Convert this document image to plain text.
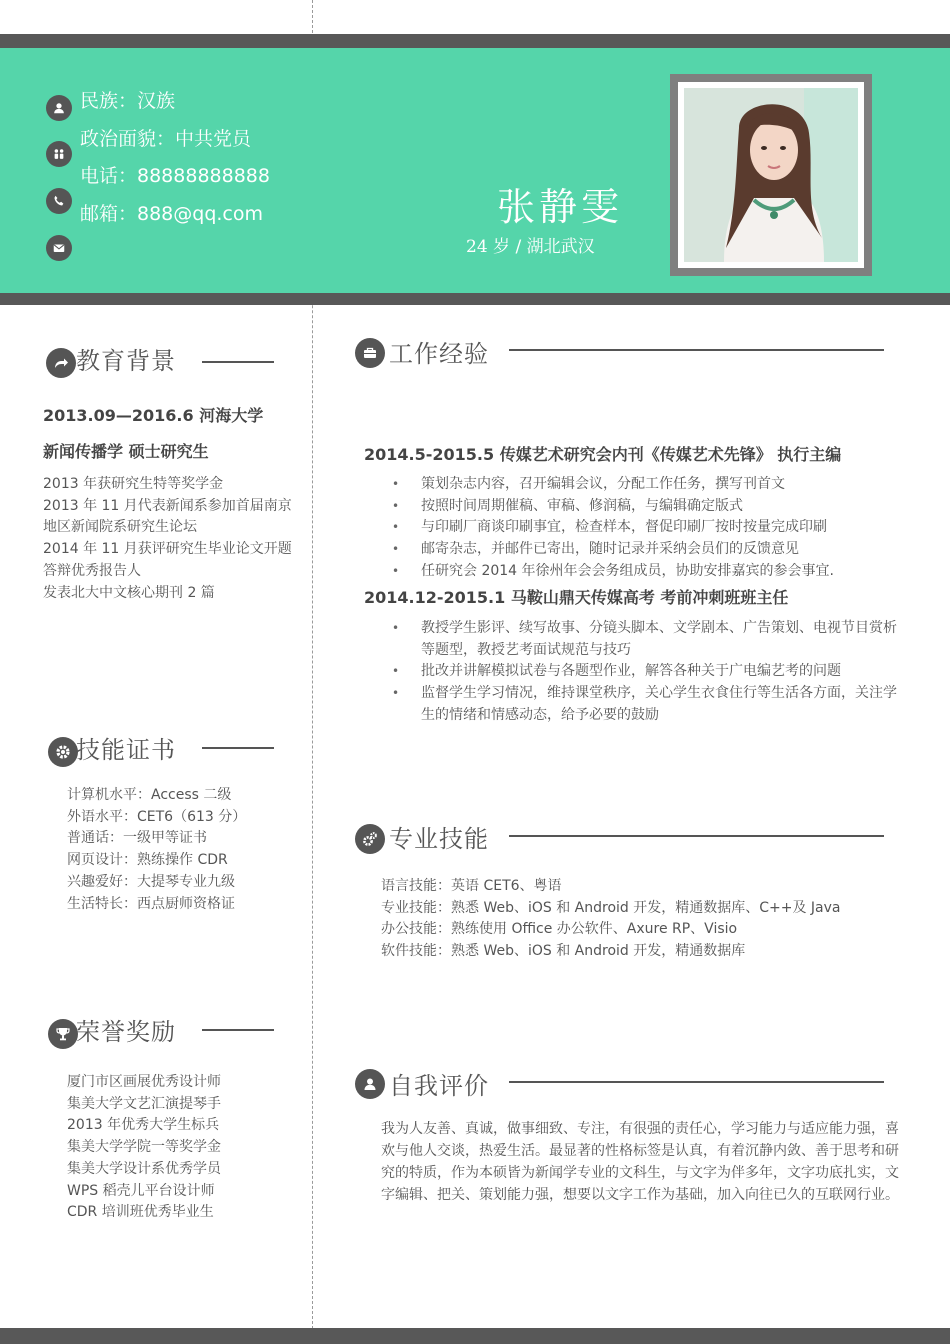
民族：汉族
政治面貌：中共党员
电话：88888888888
邮箱：888@qq.com	张静雯
24 岁 / 湖北武汉
教育背景
2013.09—2016.6 河海大学
新闻传播学 硕士研究生
2013 年获研究生特等奖学金
2013 年 11 月代表新闻系参加首届南京
地区新闻院系研究生论坛
2014 年 11 月获评研究生毕业论文开题
答辩优秀报告人
发表北大中文核心期刊 2 篇
技能证书
计算机水平：Access 二级
外语水平：CET6（613 分）
普通话：一级甲等证书
网页设计：熟练操作 CDR
兴趣爱好：大提琴专业九级
生活特长：西点厨师资格证
荣誉奖励
厦门市区画展优秀设计师
集美大学文艺汇演提琴手
2013 年优秀大学生标兵
集美大学学院一等奖学金
集美大学设计系优秀学员
WPS 稻壳儿平台设计师
CDR 培训班优秀毕业生
工作经验
2014.5-2015.5 传媒艺术研究会内刊《传媒艺术先锋》 执行主编
• 策划杂志内容，召开编辑会议，分配工作任务，撰写刊首文
• 按照时间周期催稿、审稿、修润稿，与编辑确定版式
• 与印刷厂商谈印刷事宜，检查样本，督促印刷厂按时按量完成印刷
• 邮寄杂志，并邮件已寄出，随时记录并采纳会员们的反馈意见
• 任研究会 2014 年徐州年会会务组成员，协助安排嘉宾的参会事宜.
2014.12-2015.1 马鞍山鼎天传媒高考 考前冲刺班班主任
• 教授学生影评、续写故事、分镜头脚本、文学剧本、广告策划、电视节目赏析等题型，教授艺考面试规范与技巧
• 批改并讲解模拟试卷与各题型作业，解答各种关于广电编艺考的问题
• 监督学生学习情况，维持课堂秩序，关心学生衣食住行等生活各方面，关注学生的情绪和情感动态，给予必要的鼓励
专业技能
语言技能：英语 CET6、粤语
专业技能：熟悉 Web、iOS 和 Android 开发，精通数据库、C++及 Java
办公技能：熟练使用 Office 办公软件、Axure RP、Visio
软件技能：熟悉 Web、iOS 和 Android 开发，精通数据库
自我评价
我为人友善、真诚，做事细致、专注，有很强的责任心，学习能力与适应能力强，喜欢与他人交谈，热爱生活。最显著的性格标签是认真，有着沉静内敛、善于思考和研究的特质，作为本硕皆为新闻学专业的文科生，与文字为伴多年，文字功底扎实，文字编辑、把关、策划能力强，想要以文字工作为基础，加入向往已久的互联网行业。
